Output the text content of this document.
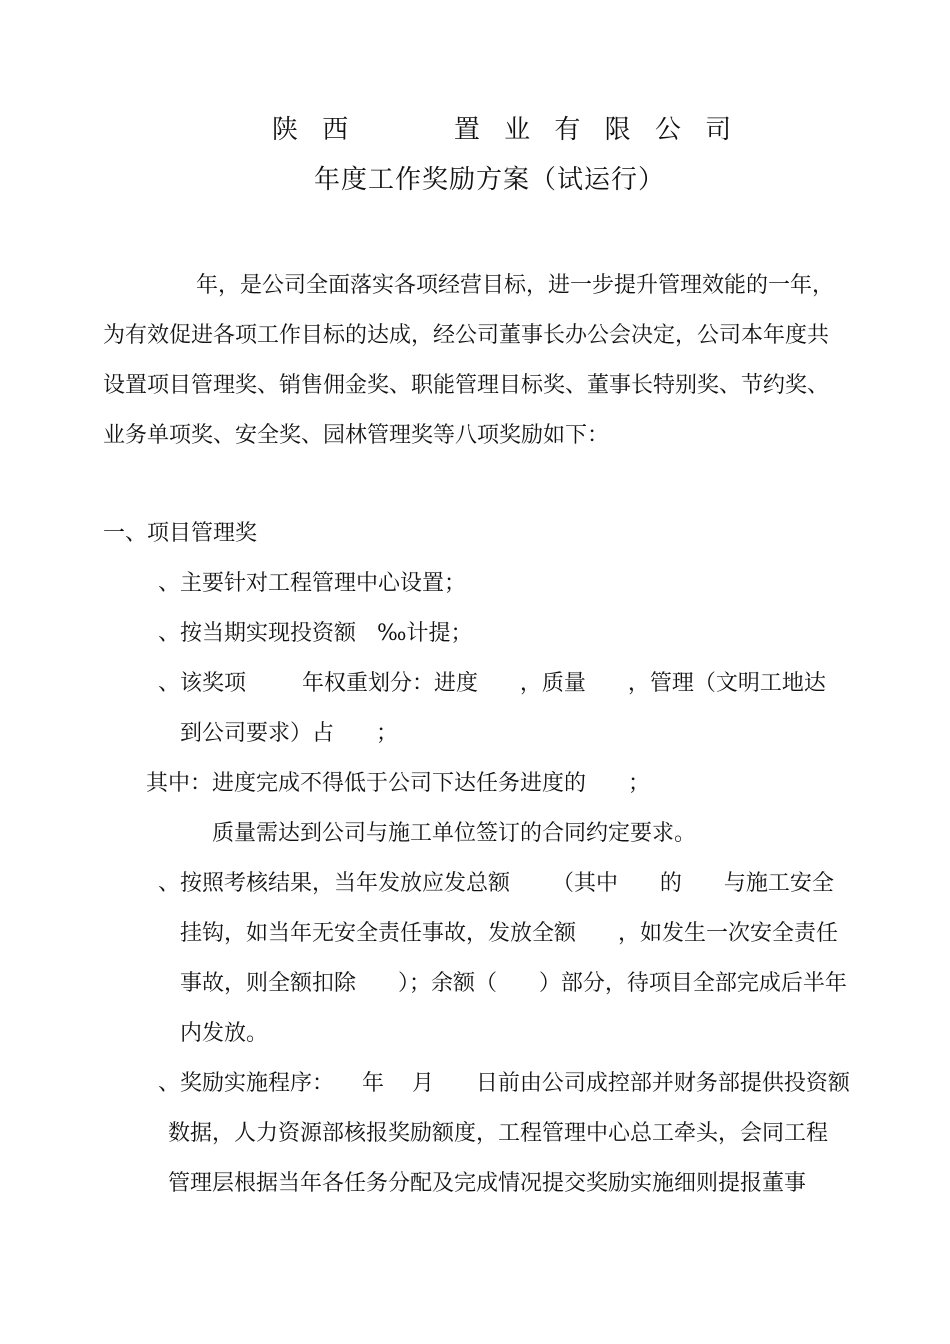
陕 西      置 业 有 限 公 司
年度工作奖励方案（试运行）
年，是公司全面落实各项经营目标，进一步提升管理效能的一年，
为有效促进各项工作目标的达成，经公司董事长办公会决定，公司本年度共
设置项目管理奖、销售佣金奖、职能管理目标奖、董事长特别奖、节约奖、
业务单项奖、安全奖、园林管理奖等八项奖励如下：
一、项目管理奖
、主要针对工程管理中心设置；
、按当期实现投资额   ‰计提；
、该奖项        年权重划分：进度      ，质量      ，管理（文明工地达
到公司要求）占      ；
其中：进度完成不得低于公司下达任务进度的      ；
质量需达到公司与施工单位签订的合同约定要求。
、按照考核结果，当年发放应发总额      （其中      的      与施工安全
挂钩，如当年无安全责任事故，发放全额      ，如发生一次安全责任
事故，则全额扣除      ）；余额（      ）部分，待项目全部完成后半年
内发放。
、奖励实施程序：    年    月      日前由公司成控部并财务部提供投资额
数据，人力资源部核报奖励额度，工程管理中心总工牵头，会同工程
管理层根据当年各任务分配及完成情况提交奖励实施细则提报董事
